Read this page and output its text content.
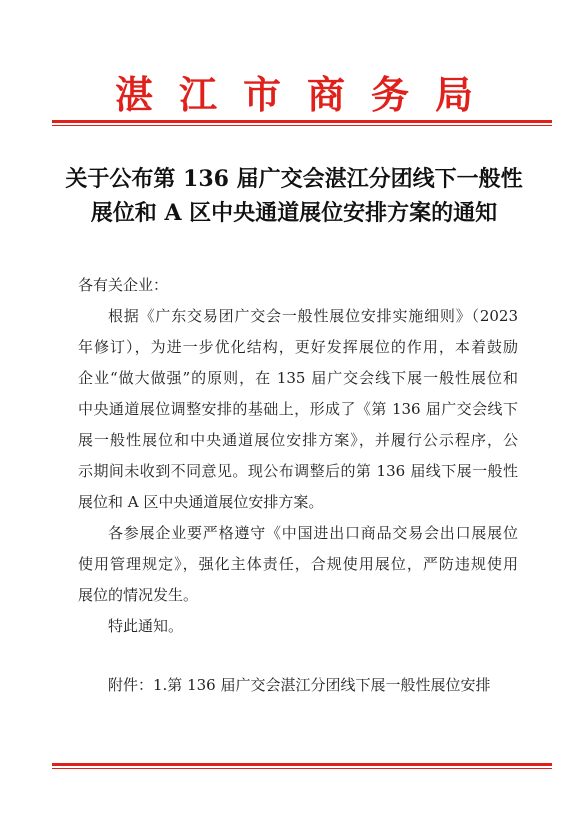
湛江市商务局
关于公布第 136 届广交会湛江分团线下一般性
展位和 A 区中央通道展位安排方案的通知
各有关企业：
根据《广东交易团广交会一般性展位安排实施细则》（2023
年修订），为进一步优化结构，更好发挥展位的作用，本着鼓励
企业“做大做强”的原则，在 135 届广交会线下展一般性展位和
中央通道展位调整安排的基础上，形成了《第 136 届广交会线下
展一般性展位和中央通道展位安排方案》，并履行公示程序，公
示期间未收到不同意见。现公布调整后的第 136 届线下展一般性
展位和 A 区中央通道展位安排方案。
各参展企业要严格遵守《中国进出口商品交易会出口展展位
使用管理规定》，强化主体责任，合规使用展位，严防违规使用
展位的情况发生。
特此通知。
附件：1.第 136 届广交会湛江分团线下展一般性展位安排
